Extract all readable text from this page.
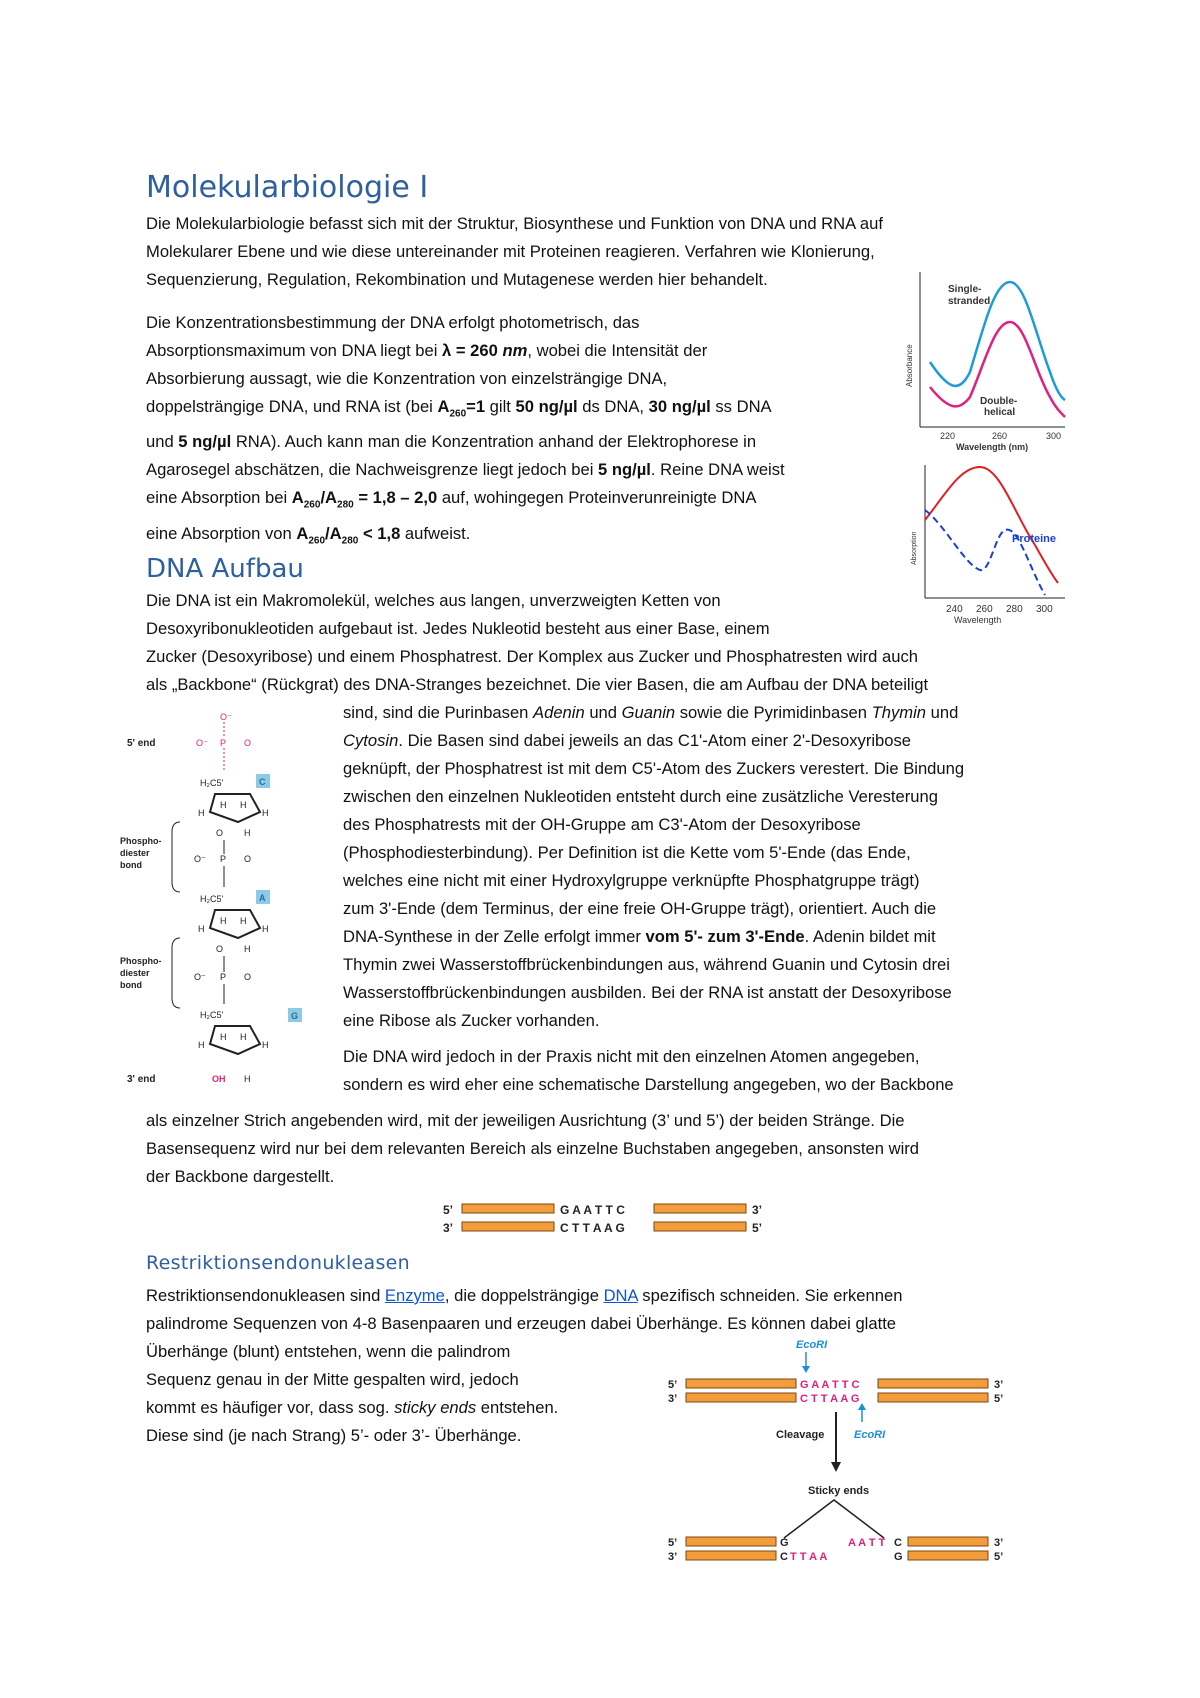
Molekularbiologie I
Die Molekularbiologie befasst sich mit der Struktur, Biosynthese und Funktion von DNA und RNA auf
Molekularer Ebene und wie diese untereinander mit Proteinen reagieren. Verfahren wie Klonierung,
Sequenzierung, Regulation, Rekombination und Mutagenese werden hier behandelt.
Die Konzentrationsbestimmung der DNA erfolgt photometrisch, das
Absorptionsmaximum von DNA liegt bei λ = 260 nm, wobei die Intensität der
Absorbierung aussagt, wie die Konzentration von einzelsträngige DNA,
doppelsträngige DNA, und RNA ist (bei $A_{260}=1$ gilt 50 ng/µl ds DNA, 30 ng/µl ss DNA
und 5 ng/µl RNA). Auch kann man die Konzentration anhand der Elektrophorese in
Agarosegel abschätzen, die Nachweisgrenze liegt jedoch bei 5 ng/µl. Reine DNA weist
eine Absorption bei $A_{260}/A_{280} = 1,8 - 2,0$ auf, wohingegen Proteinverunreinigte DNA
eine Absorption von $A_{260}/A_{280} < 1,8$ aufweist.
Single-
stranded
Double-
helical
Absorbance
220	260	300
Wavelength (nm)
Proteine
Absorption
240 260 280 300
Wavelength
DNA Aufbau
Die DNA ist ein Makromolekül, welches aus langen, unverzweigten Ketten von
Desoxyribonukleotiden aufgebaut ist. Jedes Nukleotid besteht aus einer Base, einem
Zucker (Desoxyribose) und einem Phosphatrest. Der Komplex aus Zucker und Phosphatresten wird auch
als „Backbone“ (Rückgrat) des DNA-Stranges bezeichnet. Die vier Basen, die am Aufbau der DNA beteiligt
sind, sind die Purinbasen Adenin und Guanin sowie die Pyrimidinbasen Thymin und
Cytosin. Die Basen sind dabei jeweils an das C1'-Atom einer 2'-Desoxyribose
geknüpft, der Phosphatrest ist mit dem C5'-Atom des Zuckers verestert. Die Bindung
zwischen den einzelnen Nukleotiden entsteht durch eine zusätzliche Veresterung
des Phosphatrests mit der OH-Gruppe am C3'-Atom der Desoxyribose
(Phosphodiesterbindung). Per Definition ist die Kette vom 5'-Ende (das Ende,
welches eine nicht mit einer Hydroxylgruppe verknüpfte Phosphatgruppe trägt)
zum 3'-Ende (dem Terminus, der eine freie OH-Gruppe trägt), orientiert. Auch die
DNA-Synthese in der Zelle erfolgt immer vom 5'- zum 3'-Ende. Adenin bildet mit
Thymin zwei Wasserstoffbrückenbindungen aus, während Guanin und Cytosin drei
Wasserstoffbrückenbindungen ausbilden. Bei der RNA ist anstatt der Desoxyribose
eine Ribose als Zucker vorhanden.
Die DNA wird jedoch in der Praxis nicht mit den einzelnen Atomen angegeben,
sondern es wird eher eine schematische Darstellung angegeben, wo der Backbone
als einzelner Strich angebenden wird, mit der jeweiligen Ausrichtung (3’ und 5’) der beiden Stränge. Die
Basensequenz wird nur bei dem relevanten Bereich als einzelne Buchstaben angegeben, ansonsten wird
der Backbone dargestellt.
O⁻
5' end	O⁻ P O
H₂C5'	C
H H
H	H
O H
Phospho-
diester
bond
O⁻ P O
H₂C5'	A
H H
H	H
O H
Phospho-
diester
bond
O⁻ P O
H₂C5'	G
H H
H	H
3' end	OH H
5’	G A A T T C	3’
3’	C T T A A G	5’
Restriktionsendonukleasen
Restriktionsendonukleasen sind Enzyme, die doppelsträngige DNA spezifisch schneiden. Sie erkennen
palindrome Sequenzen von 4-8 Basenpaaren und erzeugen dabei Überhänge. Es können dabei glatte
Überhänge (blunt) entstehen, wenn die palindrom
Sequenz genau in der Mitte gespalten wird, jedoch
kommt es häufiger vor, dass sog. sticky ends entstehen.
Diese sind (je nach Strang) 5’- oder 3’- Überhänge.
EcoRI
5’	G A A T T C	3’
3’	C T T A A G	5’
EcoRI
Cleavage
Sticky ends
5’	G
3’	C T T A A
A A T T C
G
3’
5’
